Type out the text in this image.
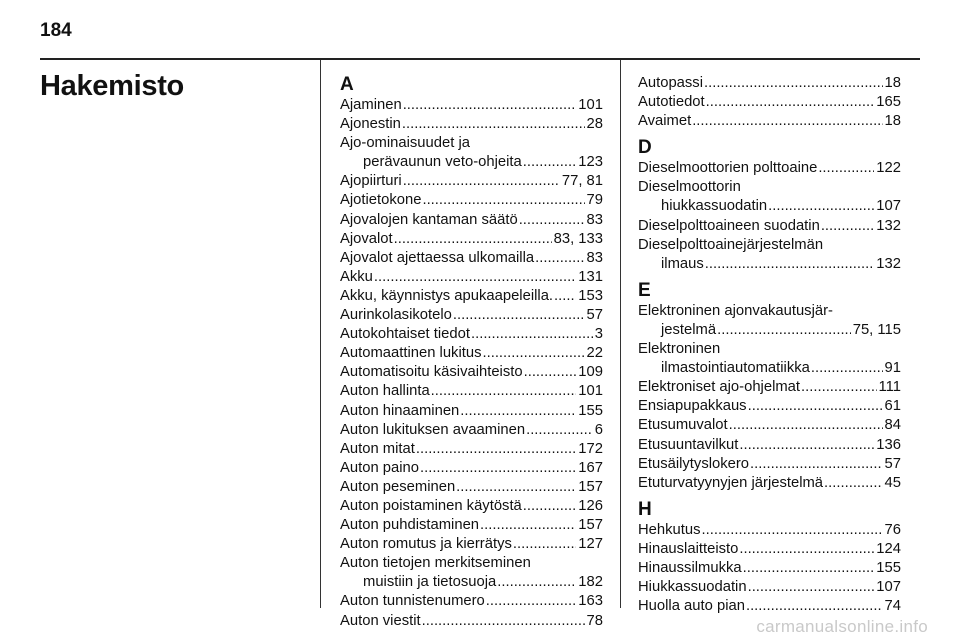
184
Hakemisto	A
Ajaminen .....	101
Ajonestin .....	28
Ajo-ominaisuudet ja
perävaunun veto-ohjeita .....	123
Ajopiirturi .....	77, 81
Ajotietokone .....	79
Ajovalojen kantaman säätö .....	83
Ajovalot .....	83, 133
Ajovalot ajettaessa ulkomailla .....	83
Akku .....	131
Akku, käynnistys apukaapeleilla. ..... 153
Aurinkolasikotelo .....	57
Autokohtaiset tiedot .....	3
Automaattinen lukitus .....	22
Automatisoitu käsivaihteisto .....	109
Auton hallinta .....	101
Auton hinaaminen .....	155
Auton lukituksen avaaminen .....	6
Auton mitat .....	172
Auton paino .....	167
Auton peseminen .....	157
Auton poistaminen käytöstä .....	126
Auton puhdistaminen .....	157
Auton romutus ja kierrätys .....	127
Auton tietojen merkitseminen
muistiin ja tietosuoja .....	182
Auton tunnistenumero .....	163
Auton viestit .....	78
Autopassi .....	18
Autotiedot .....	165
Avaimet .....	18
D
Dieselmoottorien polttoaine .....	122
Dieselmoottorin
hiukkassuodatin .....	107
Dieselpolttoaineen suodatin .....	132
Dieselpolttoainejärjestelmän
ilmaus .....	132
E
Elektroninen ajonvakautusjär-
jestelmä .....	75, 115
Elektroninen
ilmastointiautomatiikka .....	91
Elektroniset ajo-ohjelmat .....	111
Ensiapupakkaus .....	61
Etusumuvalot .....	84
Etusuuntavilkut .....	136
Etusäilytyslokero .....	57
Etuturvatyynyjen järjestelmä .....	45
H
Hehkutus .....	76
Hinauslaitteisto .....	124
Hinaussilmukka .....	155
Hiukkassuodatin .....	107
Huolla auto pian .....	74
carmanualsonline.info
